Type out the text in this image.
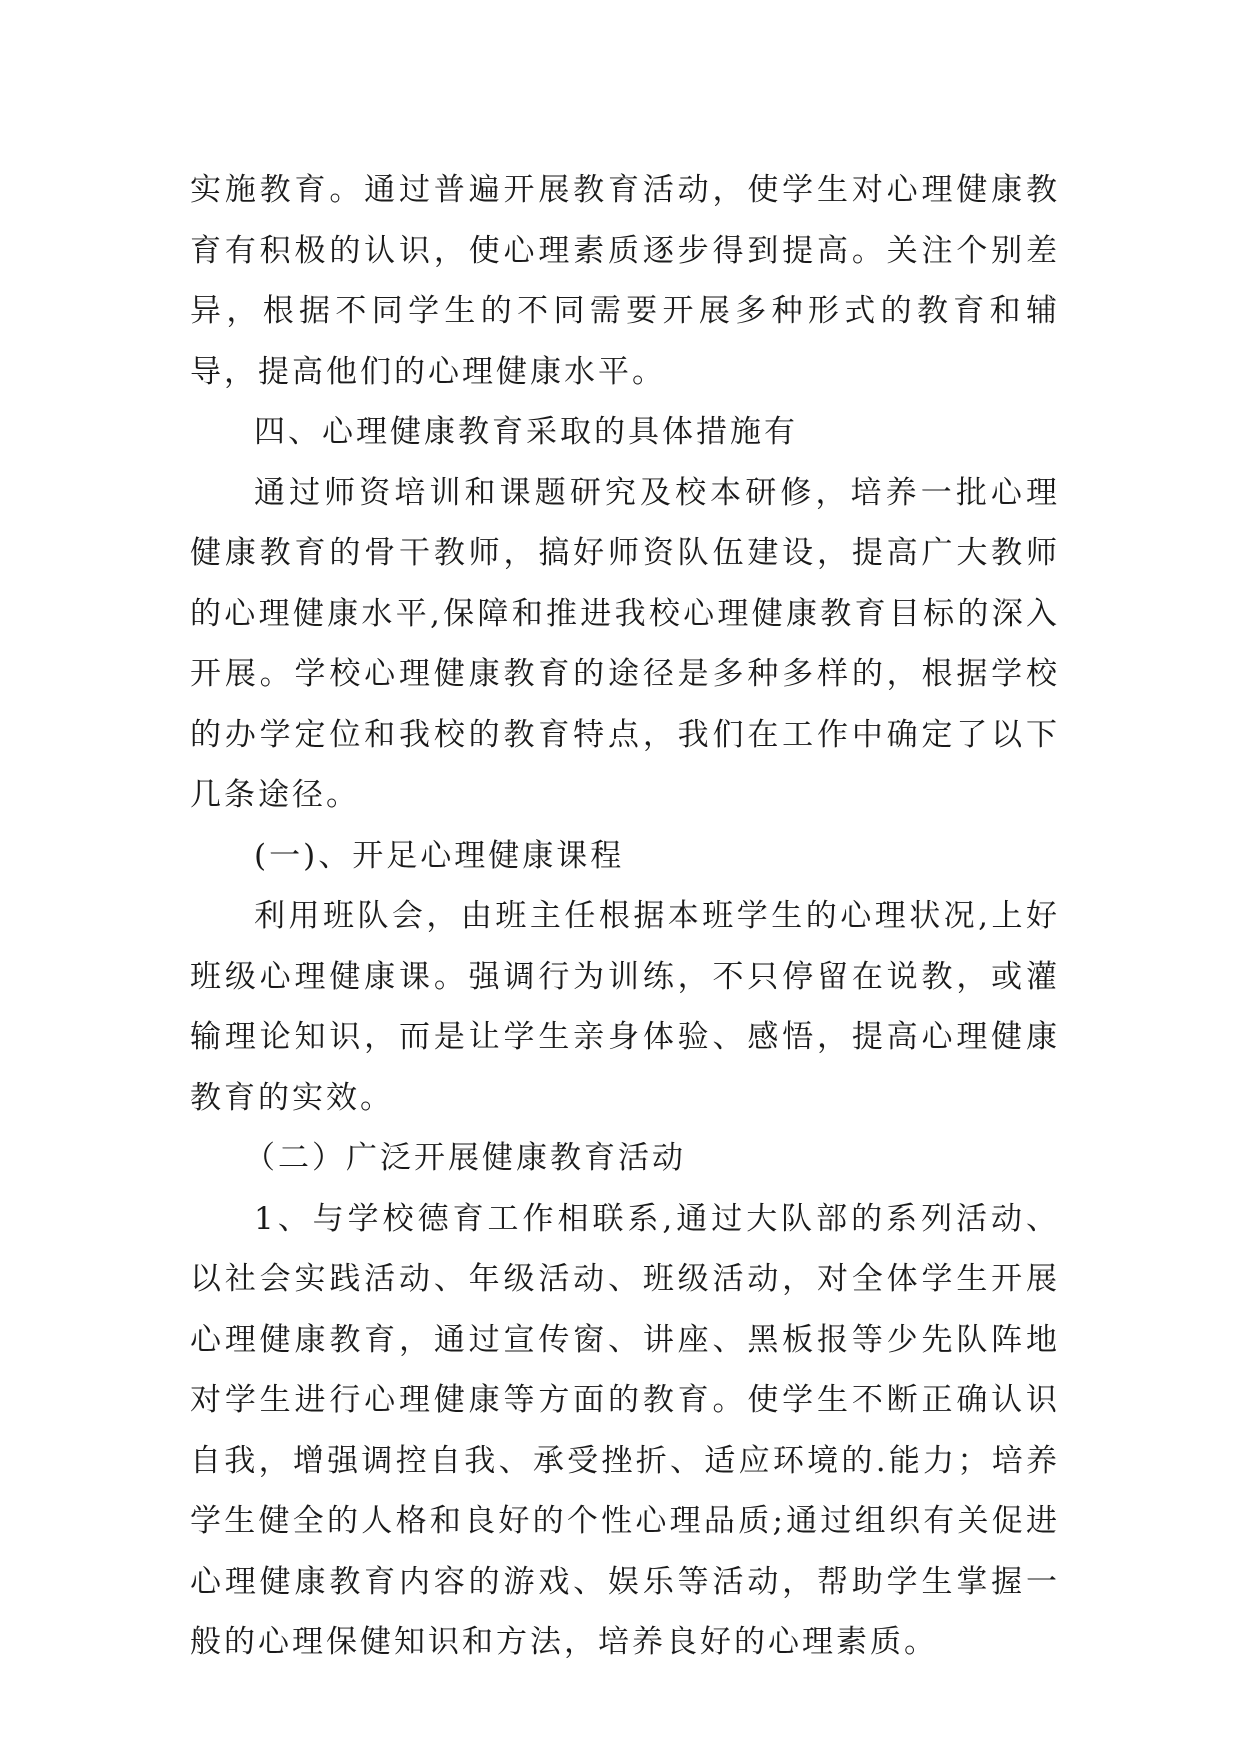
实施教育。通过普遍开展教育活动，使学生对心理健康教育有积极的认识，使心理素质逐步得到提高。关注个别差异，根据不同学生的不同需要开展多种形式的教育和辅导，提高他们的心理健康水平。

四、心理健康教育采取的具体措施有

通过师资培训和课题研究及校本研修，培养一批心理健康教育的骨干教师，搞好师资队伍建设，提高广大教师的心理健康水平,保障和推进我校心理健康教育目标的深入开展。学校心理健康教育的途径是多种多样的，根据学校的办学定位和我校的教育特点，我们在工作中确定了以下几条途径。

(一)、开足心理健康课程

利用班队会，由班主任根据本班学生的心理状况,上好班级心理健康课。强调行为训练，不只停留在说教，或灌输理论知识，而是让学生亲身体验、感悟，提高心理健康教育的实效。

（二）广泛开展健康教育活动

1、与学校德育工作相联系,通过大队部的系列活动、以社会实践活动、年级活动、班级活动，对全体学生开展心理健康教育，通过宣传窗、讲座、黑板报等少先队阵地对学生进行心理健康等方面的教育。使学生不断正确认识自我，增强调控自我、承受挫折、适应环境的.能力；培养学生健全的人格和良好的个性心理品质;通过组织有关促进心理健康教育内容的游戏、娱乐等活动，帮助学生掌握一般的心理保健知识和方法，培养良好的心理素质。
